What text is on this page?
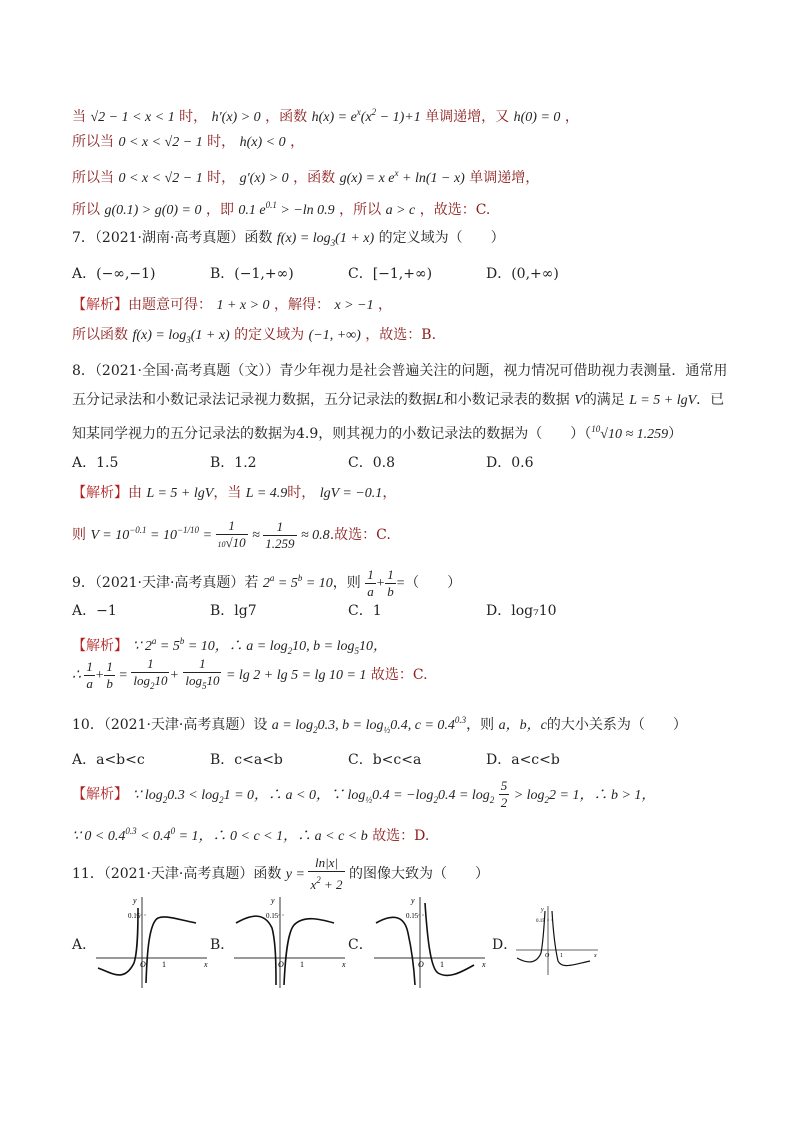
当 √2 − 1 < x < 1 时， h′(x) > 0 ，函数 $h(x) = e^x(x^2 - 1)+1$ 单调递增，又 h(0) = 0 ，
所以当 0 < x < √2 − 1 时， h(x) < 0 ，
所以当 0 < x < √2 − 1 时， g′(x) > 0 ，函数 g(x) = x $e^x + \ln(1 - x)$ 单调递增，
所以 g(0.1) > g(0) = 0 ，即 0.1 $e^{0.1} > -\ln$ 0.9 ，所以 a > c ，故选：C.
7．（2021·湖南·高考真题）函数 $f(x) = \log_3(1 + x)$ 的定义域为（　　）
A．(−∞,−1)	B．(−1,+∞)	C．[−1,+∞)	D．(0,+∞)
【解析】由题意可得： 1 + x > 0 ，解得： x > −1 ，
所以函数 $f(x) = \log_3(1 + x)$ 的定义域为 (−1, +∞) ，故选：B.
8．（2021·全国·高考真题（文））青少年视力是社会普遍关注的问题，视力情况可借助视力表测量．通常用
五分记录法和小数记录法记录视力数据，五分记录法的数据L和小数记录表的数据 V的满足 L = 5 + lgV．已
知某同学视力的五分记录法的数据为4.9，则其视力的小数记录法的数据为（　　）（$^{10}$√10 ≈ 1.259）
A．1.5	B．1.2	C．0.8	D．0.6
【解析】由 L = 5 + lgV，当 L = 4.9时， lgV = −0.1，
则 $V = 10^{-0.1} = 10^{-1/10} = \frac{1}{10√10} \approx \frac{1}{1.259} \approx 0.8$.故选：C.
9．（2021·天津·高考真题）若 $2^a = 5^b = 10$，则 $\frac{1}{a} + \frac{1}{b}$ =（　　）
A．−1	B．lg7	C．1	D．log₇10
【解析】 ∵ $2^a = 5^b = 10$，∴ $a = \log_210$, $b = \log_510$，
∴ $\frac{1}{a} + \frac{1}{b} = \frac{1}{\log_210} + \frac{1}{\log_510} = \lg 2 + \lg 5 = \lg 10 = 1$ 故选：C.
10．（2021·天津·高考真题）设 $a = \log_20.3$, $b = \log_{\frac{1}{2}}0.4$, $c = 0.4^{0.3}$，则 a，b，c的大小关系为（　　）
A．a<b<c	B．c<a<b	C．b<c<a	D．a<c<b
【解析】 ∵ $\log_20.3 < \log_21 = 0$，∴ a < 0，∵ $\log_{\frac{1}{2}}0.4 = -\log_20.4 = \log_2 \frac{5}{2} > \log_22 = 1$，∴ b > 1，
∵ $0 < 0.4^{0.3} < 0.4^0 = 1$，∴ 0 < c < 1，∴ a < c < b 故选：D.
11．（2021·天津·高考真题）函数 $y = \frac{\ln|x|}{x^2 + 2}$ 的图像大致为（　　）
A．	B．	C．	D．
y
0.15
O 1	x
y
0.15
O 1	x
y
0.15
O 1	x
y
0.15
O 1	x
